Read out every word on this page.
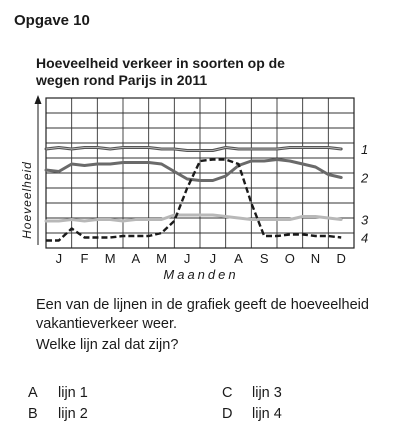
Opgave 10
Hoeveelheid verkeer in soorten op de
wegen rond Parijs in 2011
1
2
3
4
J F M A M J J A S O N D
Hoeveelheid
Maanden
Een van de lijnen in de grafiek geeft de hoeveelheid
vakantieverkeer weer.
Welke lijn zal dat zijn?
A lijn 1
B lijn 2
C lijn 3
D lijn 4
